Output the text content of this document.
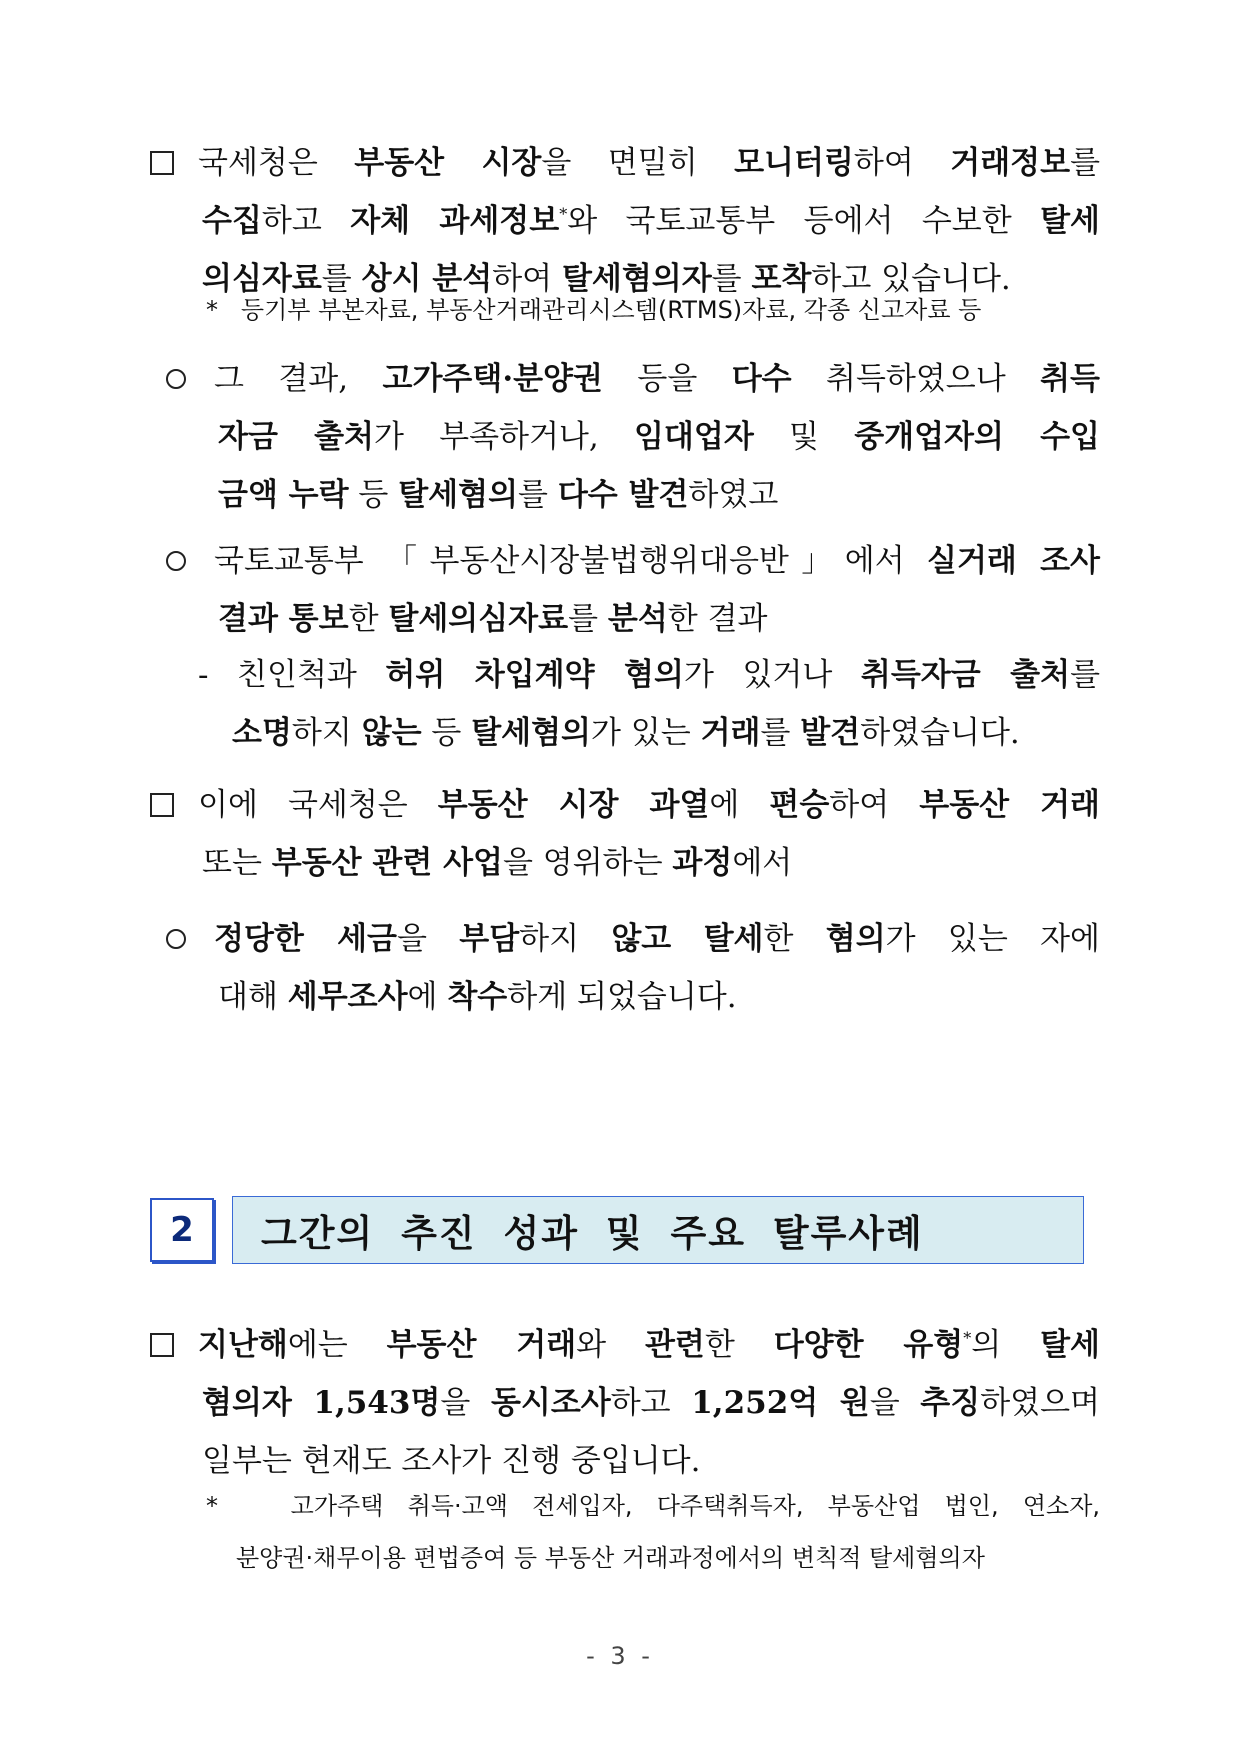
국세청은 부동산 시장을 면밀히 모니터링하여 거래정보를
수집하고 자체 과세정보*와 국토교통부 등에서 수보한 탈세
의심자료를 상시 분석하여 탈세혐의자를 포착하고 있습니다.
* 등기부 부본자료, 부동산거래관리시스템(RTMS)자료, 각종 신고자료 등
그 결과, 고가주택·분양권 등을 다수 취득하였으나 취득
자금 출처가 부족하거나, 임대업자 및 중개업자의 수입
금액 누락 등 탈세혐의를 다수 발견하였고
국토교통부 「부동산시장불법행위대응반」에서 실거래 조사
결과 통보한 탈세의심자료를 분석한 결과
- 친인척과 허위 차입계약 혐의가 있거나 취득자금 출처를
소명하지 않는 등 탈세혐의가 있는 거래를 발견하였습니다.
이에 국세청은 부동산 시장 과열에 편승하여 부동산 거래
또는 부동산 관련 사업을 영위하는 과정에서
정당한 세금을 부담하지 않고 탈세한 혐의가 있는 자에
대해 세무조사에 착수하게 되었습니다.
2	그간의 추진 성과 및 주요 탈루사례
지난해에는 부동산 거래와 관련한 다양한 유형*의 탈세
혐의자 1,543명을 동시조사하고 1,252억 원을 추징하였으며
일부는 현재도 조사가 진행 중입니다.
*	고가주택 취득·고액 전세입자, 다주택취득자, 부동산업 법인, 연소자,
분양권·채무이용 편법증여 등 부동산 거래과정에서의 변칙적 탈세혐의자
- 3 -
